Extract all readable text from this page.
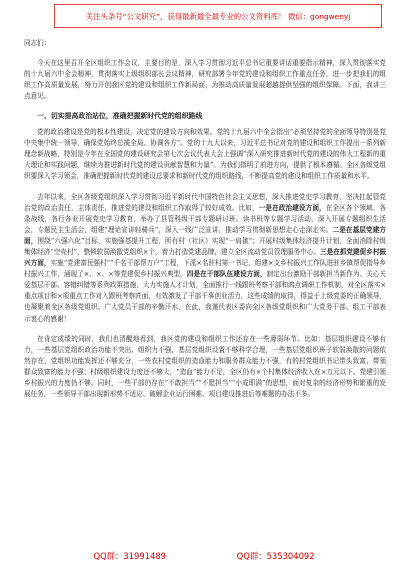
关注头条号“公文研究”，获得最新最全最专业的公文资料库！ 微信：gongwenyj

同志们：

今天在这里召开全区组织工作会议，主要目的是，深入学习贯彻习近平总书记重要讲话重要指示精神，深入贯彻落实党的十九届六中全会精神，贯彻落实上级组织部长会议精神，研究部署今年党的建设和组织工作重点任务，进一步把我们的组织工作高质量发展，努力开创我区党的建设和组织工作新局面，为推动高质量发展超越提供坚强的组织保障。下面，我讲三点意见。

一、切实提高政治站位，准确把握新时代党的组织路线

党的政治建设是党的根本性建设，决定党的建设方向和效果。党的十九届六中全会指出“必须坚持党的全面领导特别是党中央集中统一领导，确保党始终总揽全局、协调各方”。党的十九大以来，习近平总书记对党的建设和组织工作提出一系列新理念新战略，特别是今年在全国党的建设研究会第七次会议代表大会上强调“深入研究推进新时代党的建设的伟大工程新的重大理论和实践问题，继续为推进新时代党的建设贡献智慧和力量”。为我们指明了前进方向，提供了根本遵循。全区各级党组织要深入学习领会，准确把握新时代党的建设总要求和新时代党的组织路线，不断提高党的建设和组织工作质量和水平。

去年以来，全区各级党组织深入学习贯彻习近平新时代中国特色社会主义思想，深入推进党史学习教育，坚决扛起管党治党的政治责任，主体责任，推进党的建设和组织工作取得了较好成效。比如，一是在政治建设方面，在全区各个领域、各条战线，各行各业开展党史学习教育，举办了县管科级干部专题研讨班、读书班等专题学习活动，深入开展专题组织生活会，专题民主生活会，组建“理论宣讲轻骑兵”，深入一线广泛宣讲，推动学习贯彻新思想走心走深走实。二是在基层党建方面，围绕“六强六化”目标，实施强基提升工程，所有村（社区）实现“一肩挑”；开展村级集体经济提升计划，全面消除村级集体经济“空壳村”，整顿软弱涣散党组织×个，着力打造党建品牌，建立全区流动党员管理服务中心。三是在抓党建促乡村振兴方面，实施“党建富民强村”“千名干部帮万户”工程，下派×名驻村第一书记，组建×支乡村振兴工作队进驻乡镇帮促指导乡村振兴工作，涌现了×、×、×等党建促乡村振兴典型。四是在干部队伍建设方面，制定出台激励干部新担当新作为、关心关爱基层干部、容错纠错等系列政策措施，大力实施人才计划，全面推行一线跟班考察干部和鸿点调研工作机制，对全区落实×重点项目和×项重点工作对入跟班考察匠面，有效激发了干部干事创业活力，这些成绩的取得，得益于上级党委的正确领导，也凝聚着全区各级党组织、广大党员干部的辛勤汗水，在此，我谨代表区委向全区各级党组织和广大党务干部、组工干部表示衷心的感谢！

在肯定成绩的同时，我们也清醒地看到，我区党的建设和组织工作还存在一些薄弱环节。比如：基层组织建设不够有力，一些基层党组织政治功能不突出、组织力不强，基层党组织设置不够科学合理，一些基层党组织班子软弱涣散的问题依然存在，党组织功能发挥还不够充分，一些农村党组织的造血能力和服务群众能力不强，有的村党组织书记带头致富、带领群众致富的能力不强；村级组织建设力度还不够大，“造血”能力不足，全区仍有×个村集体经济收入在×万元以下。党建引领乡村振兴的力度仍不够。同时，一些干部仍存在“不敢担当”“不愿担当”“小成即满”的思想，面对复杂的经济形势和繁重的发展任务，一些领导干部出现新形势不适应、破解企业运行困难、项目建设推进后等难题的办法不多。

QQ群：31991489	QQ群：535304092
